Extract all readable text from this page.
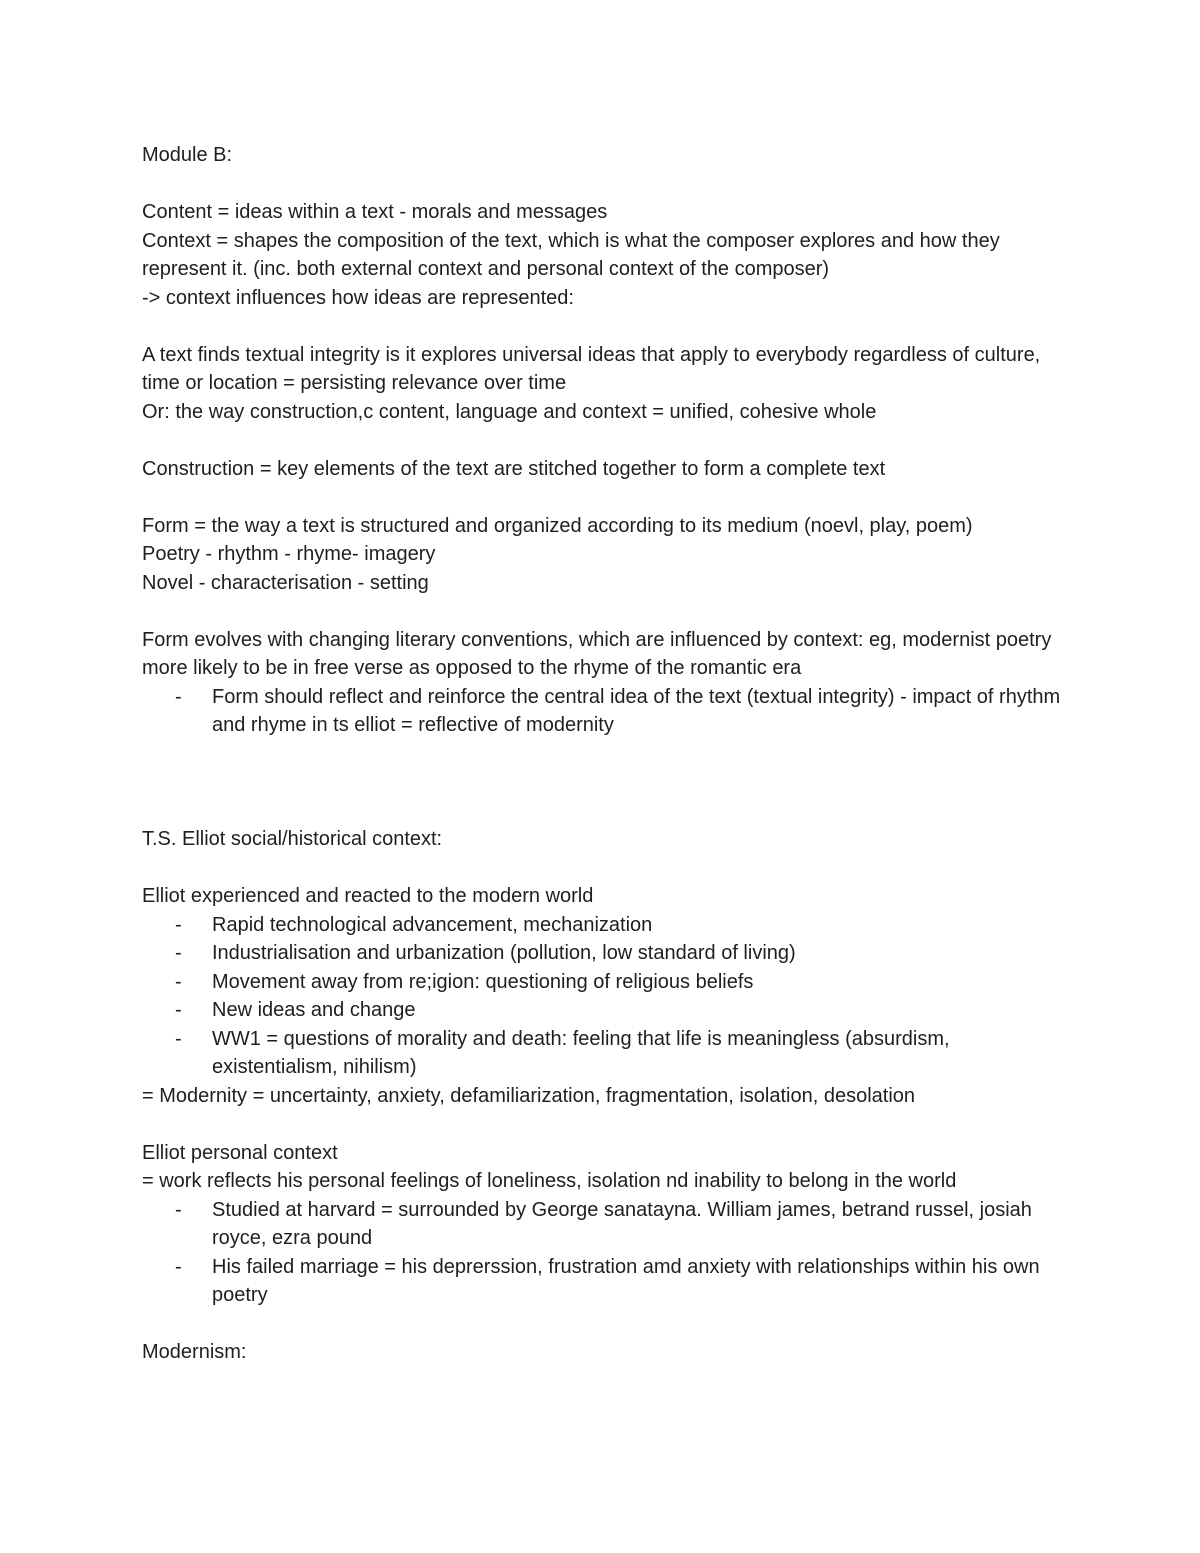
Module B:
Content = ideas within a text - morals and messages
Context = shapes the composition of the text, which is what the composer explores and how they represent it. (inc. both external context and personal context of the composer)
-> context influences how ideas are represented:
A text finds textual integrity is it explores universal ideas that apply to everybody regardless of culture, time or location = persisting relevance over time
Or: the way construction,c content, language and context = unified, cohesive whole
Construction = key elements of the text are stitched together to form a complete text
Form = the way a text is structured and organized according to its medium (noevl, play, poem)
Poetry - rhythm - rhyme- imagery
Novel - characterisation - setting
Form evolves with changing literary conventions, which are influenced by context: eg, modernist poetry more likely to be in free verse as opposed to the rhyme of the romantic era
-	Form should reflect and reinforce the central idea of the text (textual integrity) - impact of rhythm and rhyme in ts elliot = reflective of modernity
T.S. Elliot social/historical context:
Elliot experienced and reacted to the modern world
-	Rapid technological advancement, mechanization
-	Industrialisation and urbanization (pollution, low standard of living)
-	Movement away from re;igion: questioning of religious beliefs
-	New ideas and change
-	WW1 = questions of morality and death: feeling that life is meaningless (absurdism, existentialism, nihilism)
= Modernity = uncertainty, anxiety, defamiliarization, fragmentation, isolation, desolation
Elliot personal context
= work reflects his personal feelings of loneliness, isolation nd inability to belong in the world
-	Studied at harvard = surrounded by George sanatayna. William james, betrand russel, josiah royce, ezra pound
-	His failed marriage = his deprerssion, frustration amd anxiety with relationships within his own poetry
Modernism:
